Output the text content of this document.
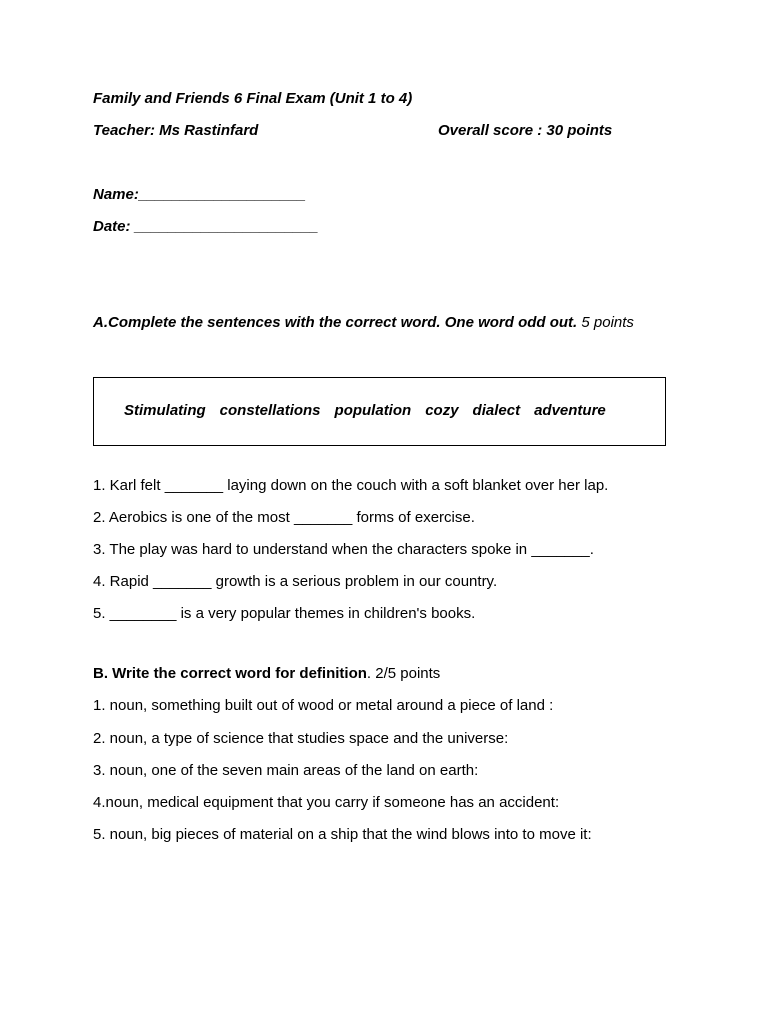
Family and Friends 6 Final Exam (Unit 1 to 4)
Teacher: Ms Rastinfard	Overall score : 30 points
Name:____________________
Date: ______________________
A.Complete the sentences with the correct word. One word odd out. 5 points
Stimulating constellations population cozy dialect adventure
1. Karl felt _______ laying down on the couch with a soft blanket over her lap.
2. Aerobics is one of the most _______ forms of exercise.
3. The play was hard to understand when the characters spoke in _______.
4. Rapid _______ growth is a serious problem in our country.
5. ________ is a very popular themes in children's books.
B. Write the correct word for definition. 2/5 points
1. noun, something built out of wood or metal around a piece of land :
2. noun, a type of science that studies space and the universe:
3. noun, one of the seven main areas of the land on earth:
4.noun, medical equipment that you carry if someone has an accident:
5. noun, big pieces of material on a ship that the wind blows into to move it:
